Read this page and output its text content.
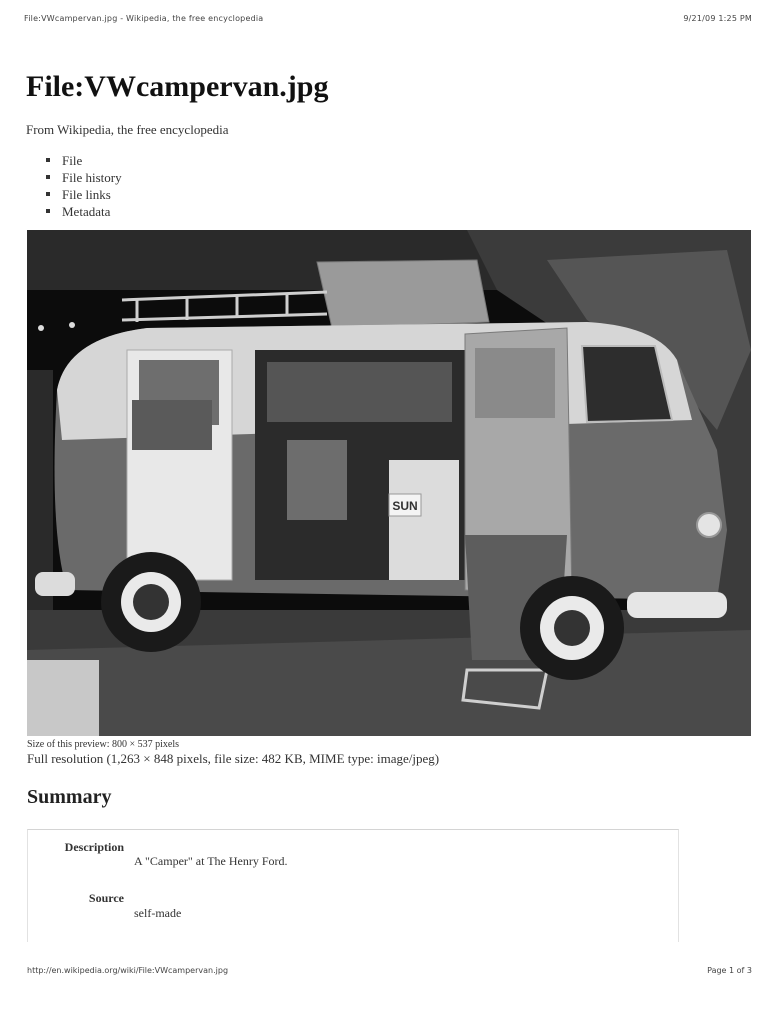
File:VWcampervan.jpg - Wikipedia, the free encyclopedia	9/21/09 1:25 PM
File:VWcampervan.jpg
From Wikipedia, the free encyclopedia
File
File history
File links
Metadata
SUN
Size of this preview: 800 × 537 pixels
Full resolution (1,263 × 848 pixels, file size: 482 KB, MIME type: image/jpeg)
Summary
Description
A "Camper" at The Henry Ford.
Source
self-made
http://en.wikipedia.org/wiki/File:VWcampervan.jpg	Page 1 of 3
